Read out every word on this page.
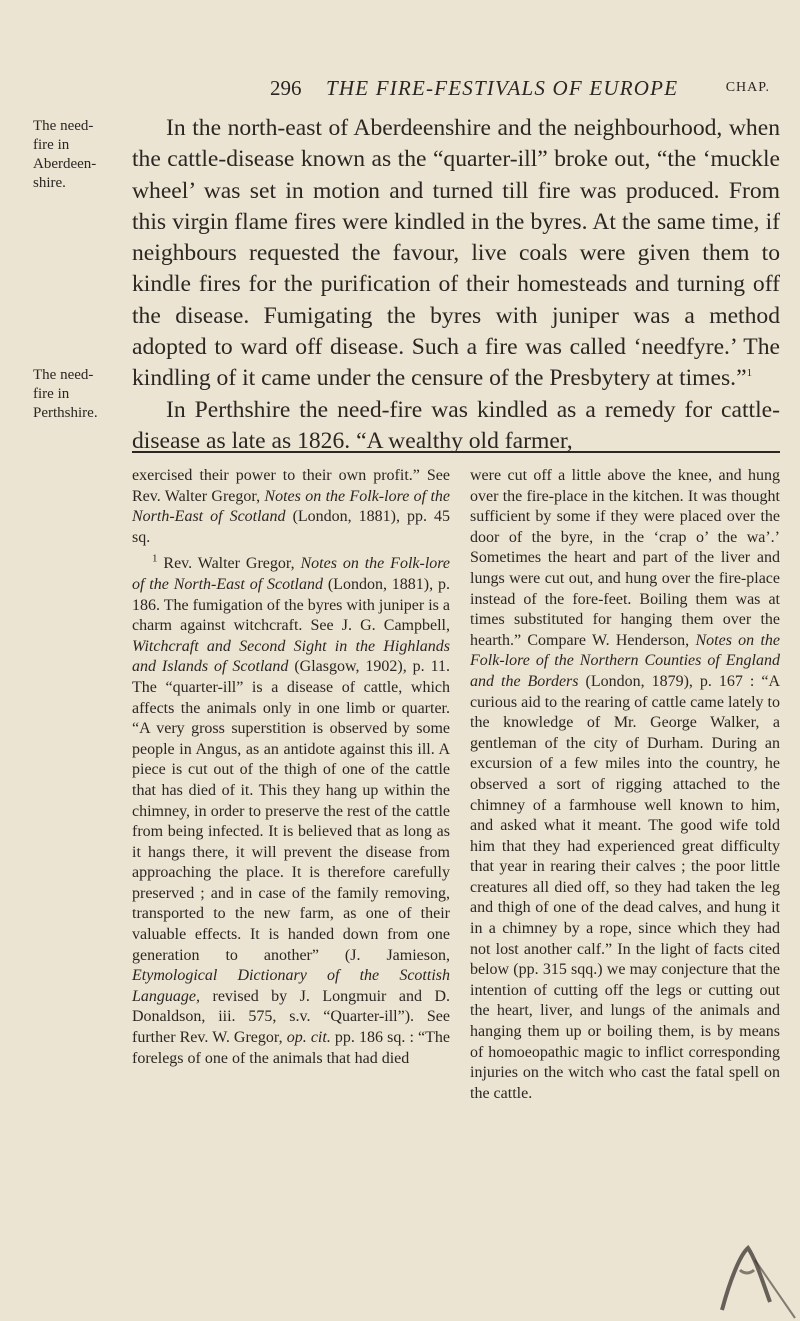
296 THE FIRE-FESTIVALS OF EUROPE	CHAP.
The need-fire in Aberdeen-shire.
The need-fire in Perthshire.

In the north-east of Aberdeenshire and the neighbourhood, when the cattle-disease known as the “quarter-ill” broke out, “the ‘muckle wheel’ was set in motion and turned till fire was produced. From this virgin flame fires were kindled in the byres. At the same time, if neighbours requested the favour, live coals were given them to kindle fires for the purification of their homesteads and turning off the disease. Fumigating the byres with juniper was a method adopted to ward off disease. Such a fire was called ‘needfyre.’ The kindling of it came under the censure of the Presbytery at times.”$^1$

In Perthshire the need-fire was kindled as a remedy for cattle-disease as late as 1826. “A wealthy old farmer,

exercised their power to their own profit.” See Rev. Walter Gregor, Notes on the Folk-lore of the North-East of Scotland (London, 1881), pp. 45 sq.

$^1$ Rev. Walter Gregor, Notes on the Folk-lore of the North-East of Scotland (London, 1881), p. 186. The fumigation of the byres with juniper is a charm against witchcraft. See J. G. Campbell, Witchcraft and Second Sight in the Highlands and Islands of Scotland (Glasgow, 1902), p. 11. The “quarter-ill” is a disease of cattle, which affects the animals only in one limb or quarter. “A very gross superstition is observed by some people in Angus, as an antidote against this ill. A piece is cut out of the thigh of one of the cattle that has died of it. This they hang up within the chimney, in order to preserve the rest of the cattle from being infected. It is believed that as long as it hangs there, it will prevent the disease from approaching the place. It is therefore carefully preserved ; and in case of the family removing, transported to the new farm, as one of their valuable effects. It is handed down from one generation to another” (J. Jamieson, Etymological Dictionary of the Scottish Language, revised by J. Longmuir and D. Donaldson, iii. 575, s.v. “Quarter-ill”). See further Rev. W. Gregor, op. cit. pp. 186 sq. : “The forelegs of one of the animals that had died

were cut off a little above the knee, and hung over the fire-place in the kitchen. It was thought sufficient by some if they were placed over the door of the byre, in the ‘crap o’ the wa’.’ Sometimes the heart and part of the liver and lungs were cut out, and hung over the fire-place instead of the fore-feet. Boiling them was at times substituted for hanging them over the hearth.” Compare W. Henderson, Notes on the Folk-lore of the Northern Counties of England and the Borders (London, 1879), p. 167 : “A curious aid to the rearing of cattle came lately to the knowledge of Mr. George Walker, a gentleman of the city of Durham. During an excursion of a few miles into the country, he observed a sort of rigging attached to the chimney of a farmhouse well known to him, and asked what it meant. The good wife told him that they had experienced great difficulty that year in rearing their calves ; the poor little creatures all died off, so they had taken the leg and thigh of one of the dead calves, and hung it in a chimney by a rope, since which they had not lost another calf.” In the light of facts cited below (pp. 315 sqq.) we may conjecture that the intention of cutting off the legs or cutting out the heart, liver, and lungs of the animals and hanging them up or boiling them, is by means of homoeopathic magic to inflict corresponding injuries on the witch who cast the fatal spell on the cattle.
